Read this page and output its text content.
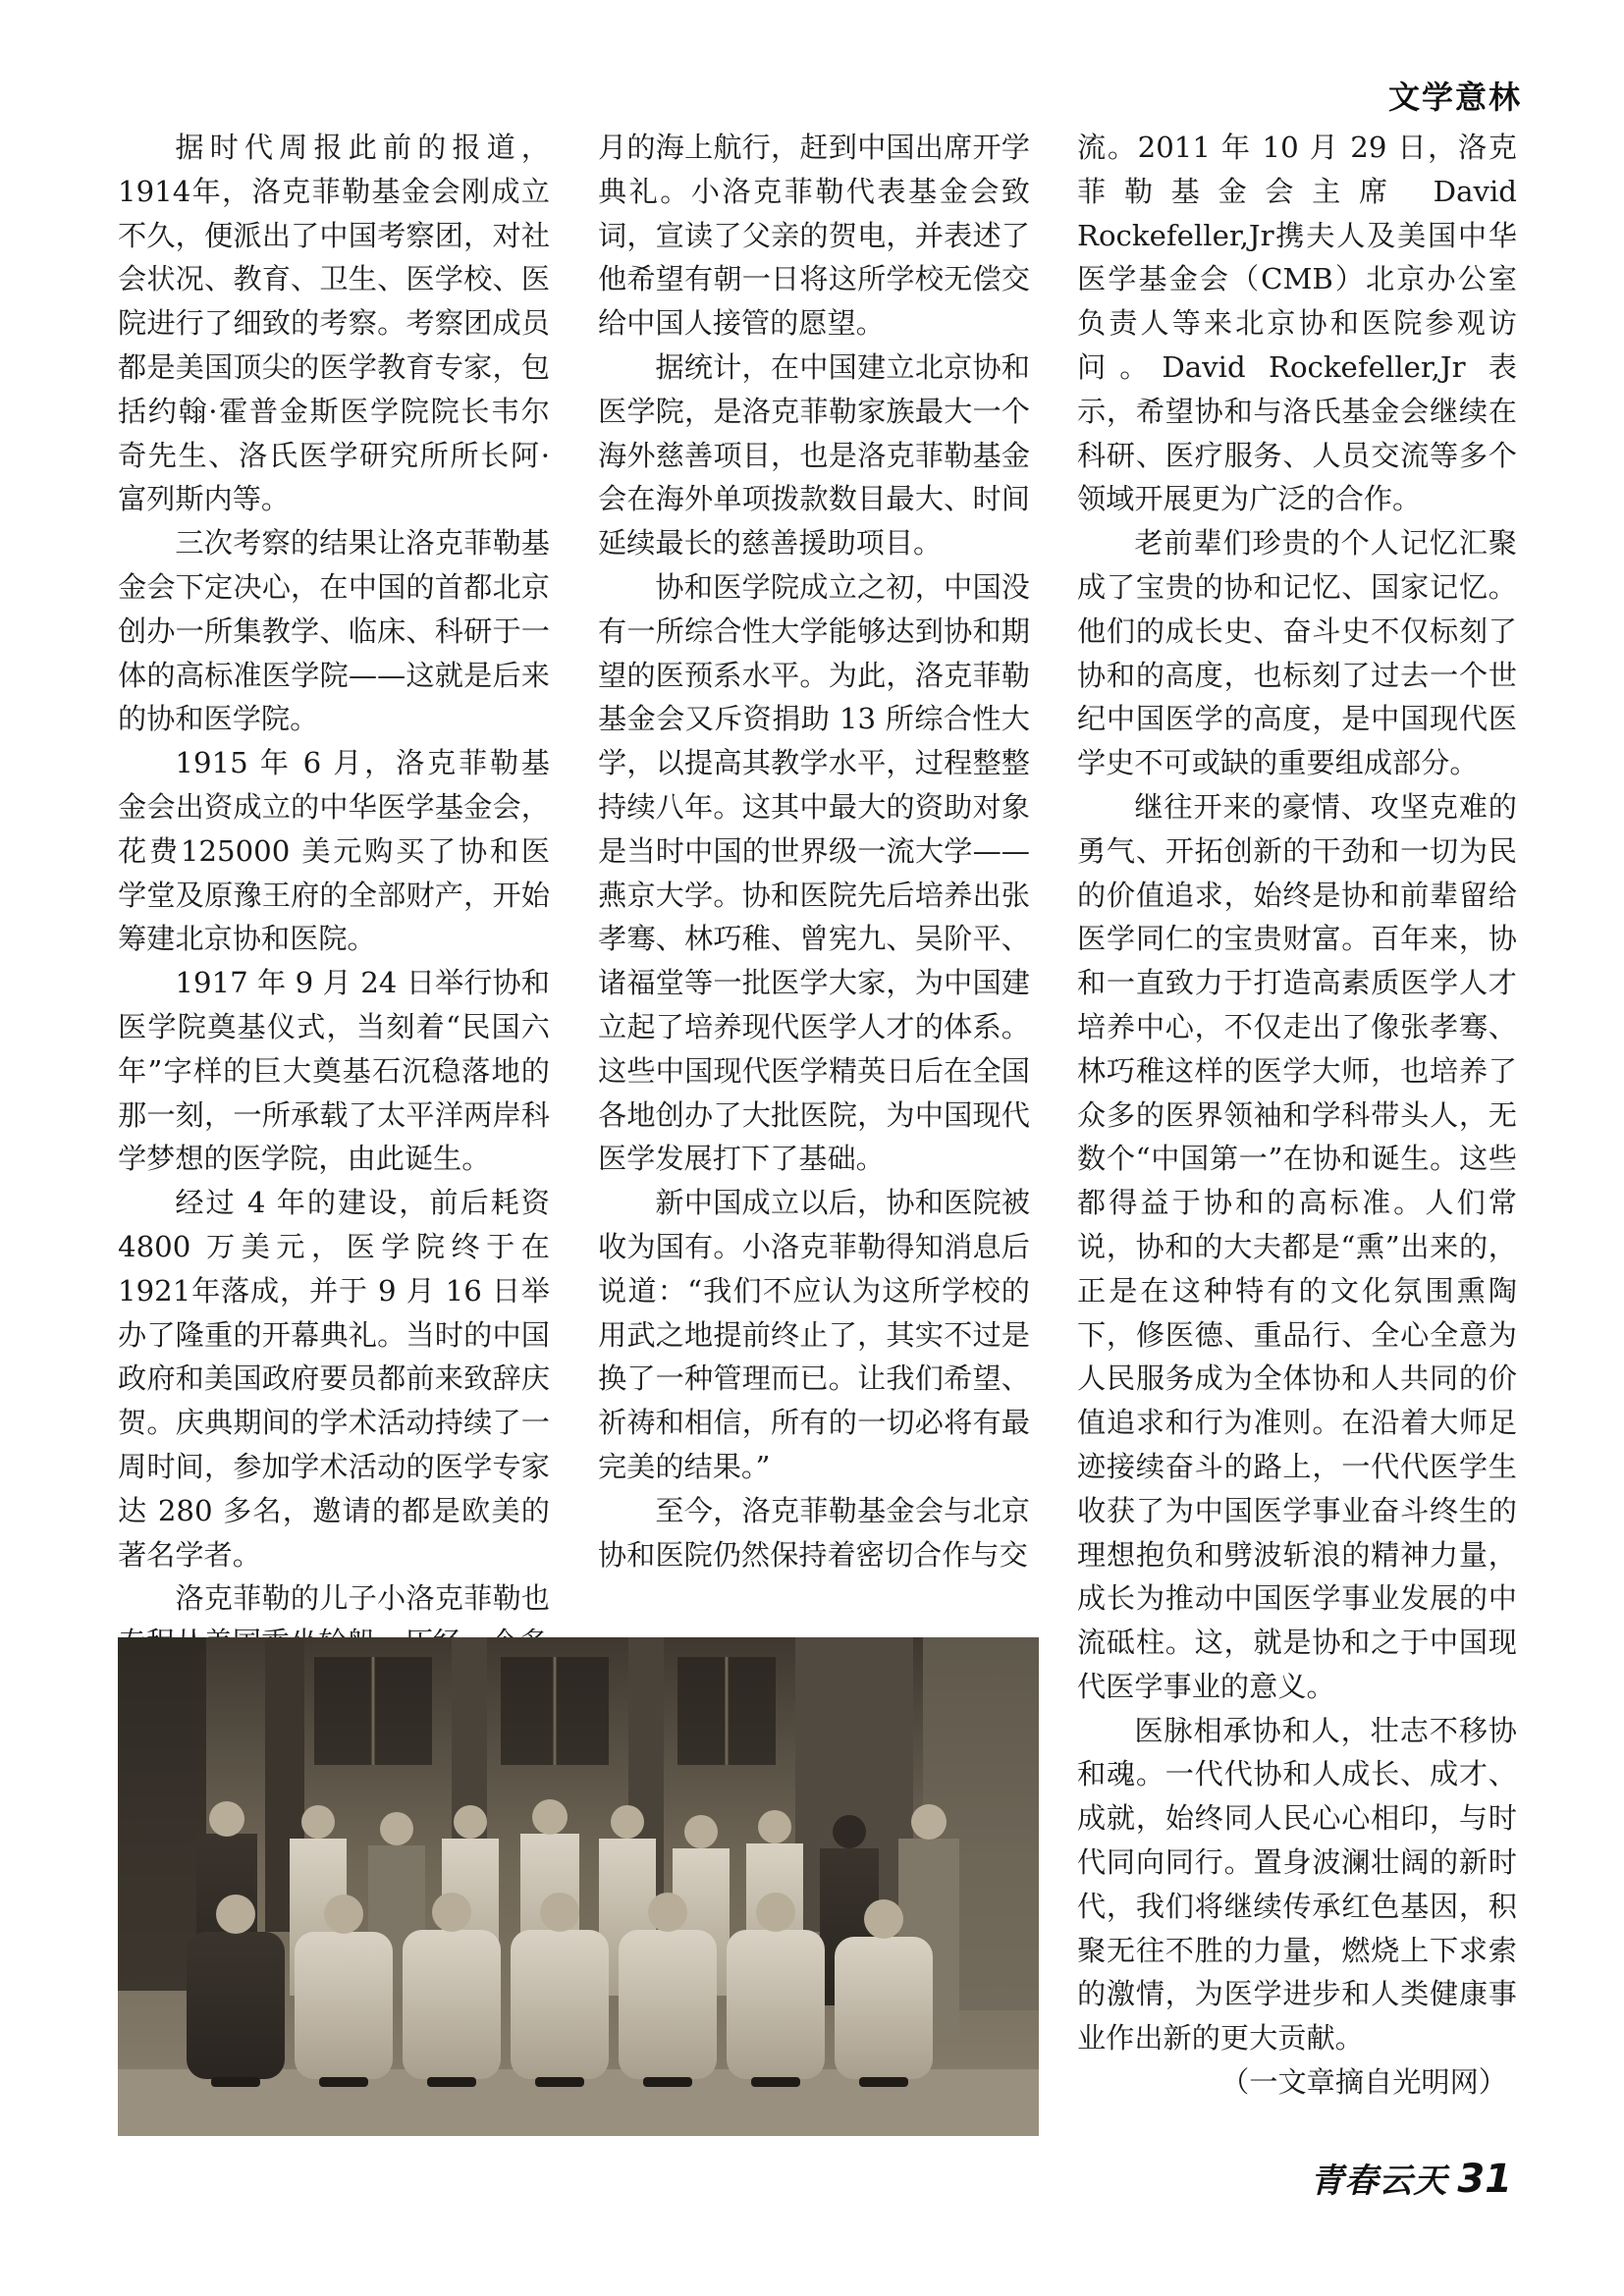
文学意林

据时代周报此前的报道，1914年，洛克菲勒基金会刚成立不久，便派出了中国考察团，对社会状况、教育、卫生、医学校、医院进行了细致的考察。考察团成员都是美国顶尖的医学教育专家，包括约翰·霍普金斯医学院院长韦尔奇先生、洛氏医学研究所所长阿·富列斯内等。

三次考察的结果让洛克菲勒基金会下定决心，在中国的首都北京创办一所集教学、临床、科研于一体的高标准医学院——这就是后来的协和医学院。

1915 年 6 月，洛克菲勒基金会出资成立的中华医学基金会，花费125000 美元购买了协和医学堂及原豫王府的全部财产，开始筹建北京协和医院。

1917 年 9 月 24 日举行协和医学院奠基仪式，当刻着“民国六年”字样的巨大奠基石沉稳落地的那一刻，一所承载了太平洋两岸科学梦想的医学院，由此诞生。

经过 4 年的建设，前后耗资4800 万美元，医学院终于在 1921年落成，并于 9 月 16 日举办了隆重的开幕典礼。当时的中国政府和美国政府要员都前来致辞庆贺。庆典期间的学术活动持续了一周时间，参加学术活动的医学专家达 280 多名，邀请的都是欧美的著名学者。

洛克菲勒的儿子小洛克菲勒也

月的海上航行，赶到中国出席开学典礼。小洛克菲勒代表基金会致词，宣读了父亲的贺电，并表述了他希望有朝一日将这所学校无偿交给中国人接管的愿望。

据统计，在中国建立北京协和医学院，是洛克菲勒家族最大一个海外慈善项目，也是洛克菲勒基金会在海外单项拨款数目最大、时间延续最长的慈善援助项目。

协和医学院成立之初，中国没有一所综合性大学能够达到协和期望的医预系水平。为此，洛克菲勒基金会又斥资捐助 13 所综合性大学，以提高其教学水平，过程整整持续八年。这其中最大的资助对象是当时中国的世界级一流大学——燕京大学。协和医院先后培养出张孝骞、林巧稚、曾宪九、吴阶平、诸福堂等一批医学大家，为中国建立起了培养现代医学人才的体系。这些中国现代医学精英日后在全国各地创办了大批医院，为中国现代医学发展打下了基础。

新中国成立以后，协和医院被收为国有。小洛克菲勒得知消息后说道：“我们不应认为这所学校的用武之地提前终止了，其实不过是换了一种管理而已。让我们希望、祈祷和相信，所有的一切必将有最完美的结果。”

至今，洛克菲勒基金会与北京协和医院仍然保持着密切合作与交

流。2011 年 10 月 29 日，洛克菲勒基金会主席 David Rockefeller,Jr携夫人及美国中华医学基金会（CMB）北京办公室负责人等来北京协和医院参观访问。David Rockefeller,Jr 表示，希望协和与洛氏基金会继续在科研、医疗服务、人员交流等多个领域开展更为广泛的合作。

老前辈们珍贵的个人记忆汇聚成了宝贵的协和记忆、国家记忆。他们的成长史、奋斗史不仅标刻了协和的高度，也标刻了过去一个世纪中国医学的高度，是中国现代医学史不可或缺的重要组成部分。

继往开来的豪情、攻坚克难的勇气、开拓创新的干劲和一切为民的价值追求，始终是协和前辈留给医学同仁的宝贵财富。百年来，协和一直致力于打造高素质医学人才培养中心，不仅走出了像张孝骞、林巧稚这样的医学大师，也培养了众多的医界领袖和学科带头人，无数个“中国第一”在协和诞生。这些都得益于协和的高标准。人们常说，协和的大夫都是“熏”出来的，正是在这种特有的文化氛围熏陶下，修医德、重品行、全心全意为人民服务成为全体协和人共同的价值追求和行为准则。在沿着大师足迹接续奋斗的路上，一代代医学生收获了为中国医学事业奋斗终生的理想抱负和劈波斩浪的精神力量，成长为推动中国医学事业发展的中流砥柱。这，就是协和之于中国现代医学事业的意义。

医脉相承协和人，壮志不移协和魂。一代代协和人成长、成才、成就，始终同人民心心相印，与时代同向同行。置身波澜壮阔的新时代，我们将继续传承红色基因，积聚无往不胜的力量，燃烧上下求索的激情，为医学进步和人类健康事业作出新的更大贡献。

（一文章摘自光明网）

青春云天 31
